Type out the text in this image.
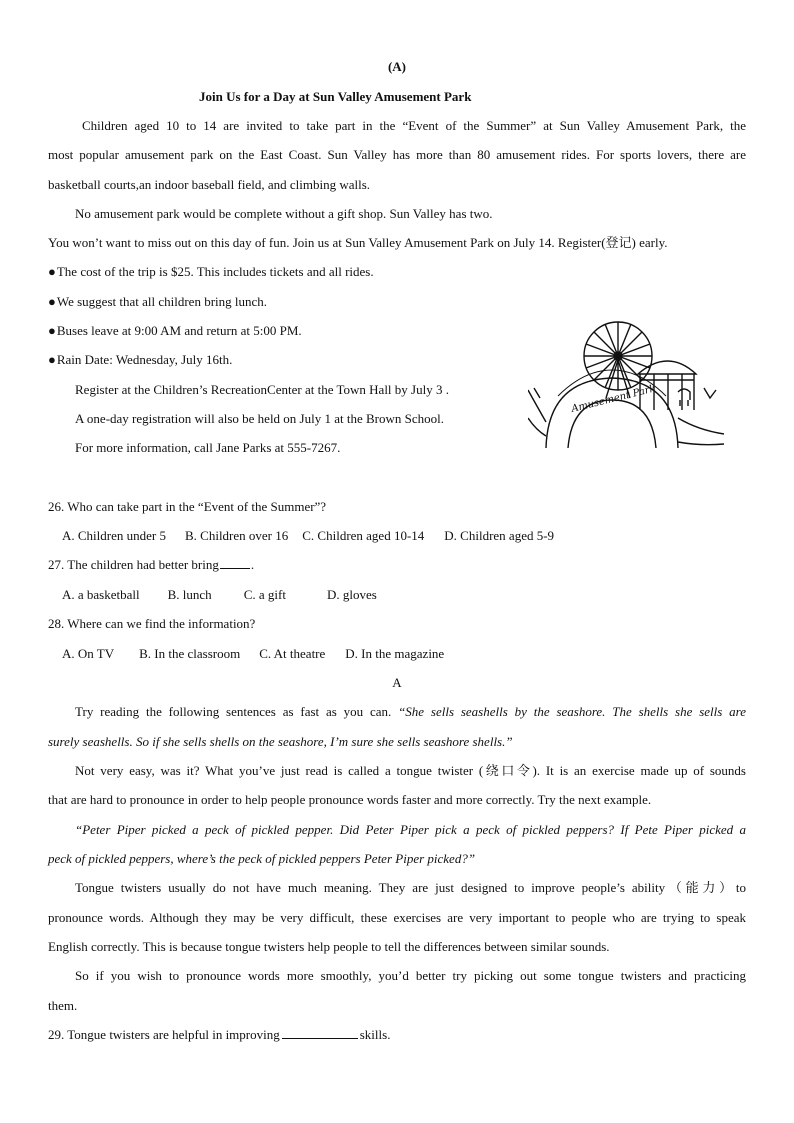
(A)
Join Us for a Day at Sun Valley Amusement Park
Children aged 10 to 14 are invited to take part in the “Event of the Summer” at Sun Valley Amusement Park, the
most popular amusement park on the East Coast. Sun Valley has more than 80 amusement rides. For sports lovers, there are
basketball courts,an indoor baseball field, and climbing walls.
No amusement park would be complete without a gift shop. Sun Valley has two.
You won’t want to miss out on this day of fun. Join us at Sun Valley Amusement Park on July 14. Register(登记) early.
● The cost of the trip is $25. This includes tickets and all rides.
● We suggest that all children bring lunch.
● Buses leave at 9:00 AM and return at 5:00 PM.
● Rain Date: Wednesday, July 16th.
Register at the Children’s RecreationCenter at the Town Hall by July 3 .
A one-day registration will also be held on July 1 at the Brown School.
For more information, call Jane Parks at 555-7267.
26. Who can take part in the “Event of the Summer”?
A. Children under 5 B. Children over 16 C. Children aged 10-14 D. Children aged 5-9
27. The children had better bring .
A. a basketball B. lunch C. a gift	D. gloves
28. Where can we find the information?
A. On TV B. In the classroom C. At theatre D. In the magazine
A
Try reading the following sentences as fast as you can. “She sells seashells by the seashore. The shells she sells are
surely seashells. So if she sells shells on the seashore, I’m sure she sells seashore shells.”
Not very easy, was it? What you’ve just read is called a tongue twister (绕口令). It is an exercise made up of sounds
that are hard to pronounce in order to help people pronounce words faster and more correctly. Try the next example.
“Peter Piper picked a peck of pickled pepper. Did Peter Piper pick a peck of pickled peppers? If Pete Piper picked a
peck of pickled peppers, where’s the peck of pickled peppers Peter Piper picked?”
Tongue twisters usually do not have much meaning. They are just designed to improve people’s ability（能力）to
pronounce words. Although they may be very difficult, these exercises are very important to people who are trying to speak
English correctly. This is because tongue twisters help people to tell the differences between similar sounds.
So if you wish to pronounce words more smoothly, you’d better try picking out some tongue twisters and practicing
them.
29. Tongue twisters are helpful in improving	skills.
Amusement Park
